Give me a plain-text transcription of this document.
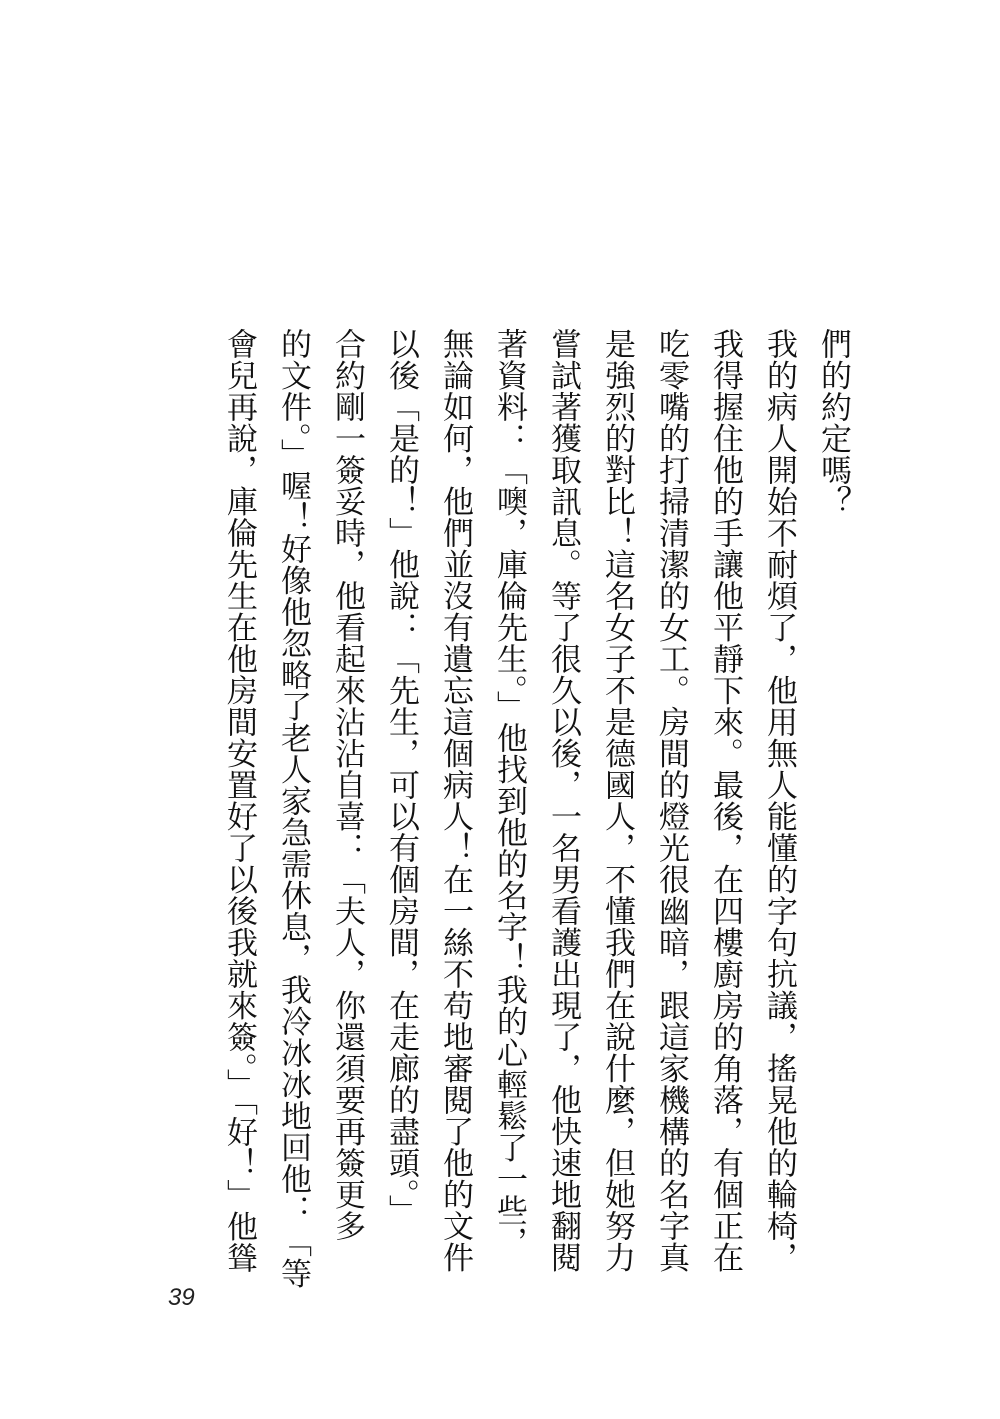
們的約定嗎？
我的病人開始不耐煩了，他用無人能懂的字句抗議，搖晃他的輪椅，
我得握住他的手讓他平靜下來。最後，在四樓廚房的角落，有個正在
吃零嘴的打掃清潔的女工。房間的燈光很幽暗，跟這家機構的名字真
是強烈的對比！這名女子不是德國人，不懂我們在說什麼，但她努力
嘗試著獲取訊息。等了很久以後，一名男看護出現了，他快速地翻閱
著資料：「噢，庫倫先生。」他找到他的名字！我的心輕鬆了一些，
無論如何，他們並沒有遺忘這個病人！在一絲不苟地審閱了他的文件
以後「是的！」他說：「先生，可以有個房間，在走廊的盡頭。」
合約剛一簽妥時，他看起來沾沾自喜：「夫人，你還須要再簽更多
的文件。」喔！好像他忽略了老人家急需休息，我冷冰冰地回他：「等
會兒再說，庫倫先生在他房間安置好了以後我就來簽。」「好！」他聳
39
